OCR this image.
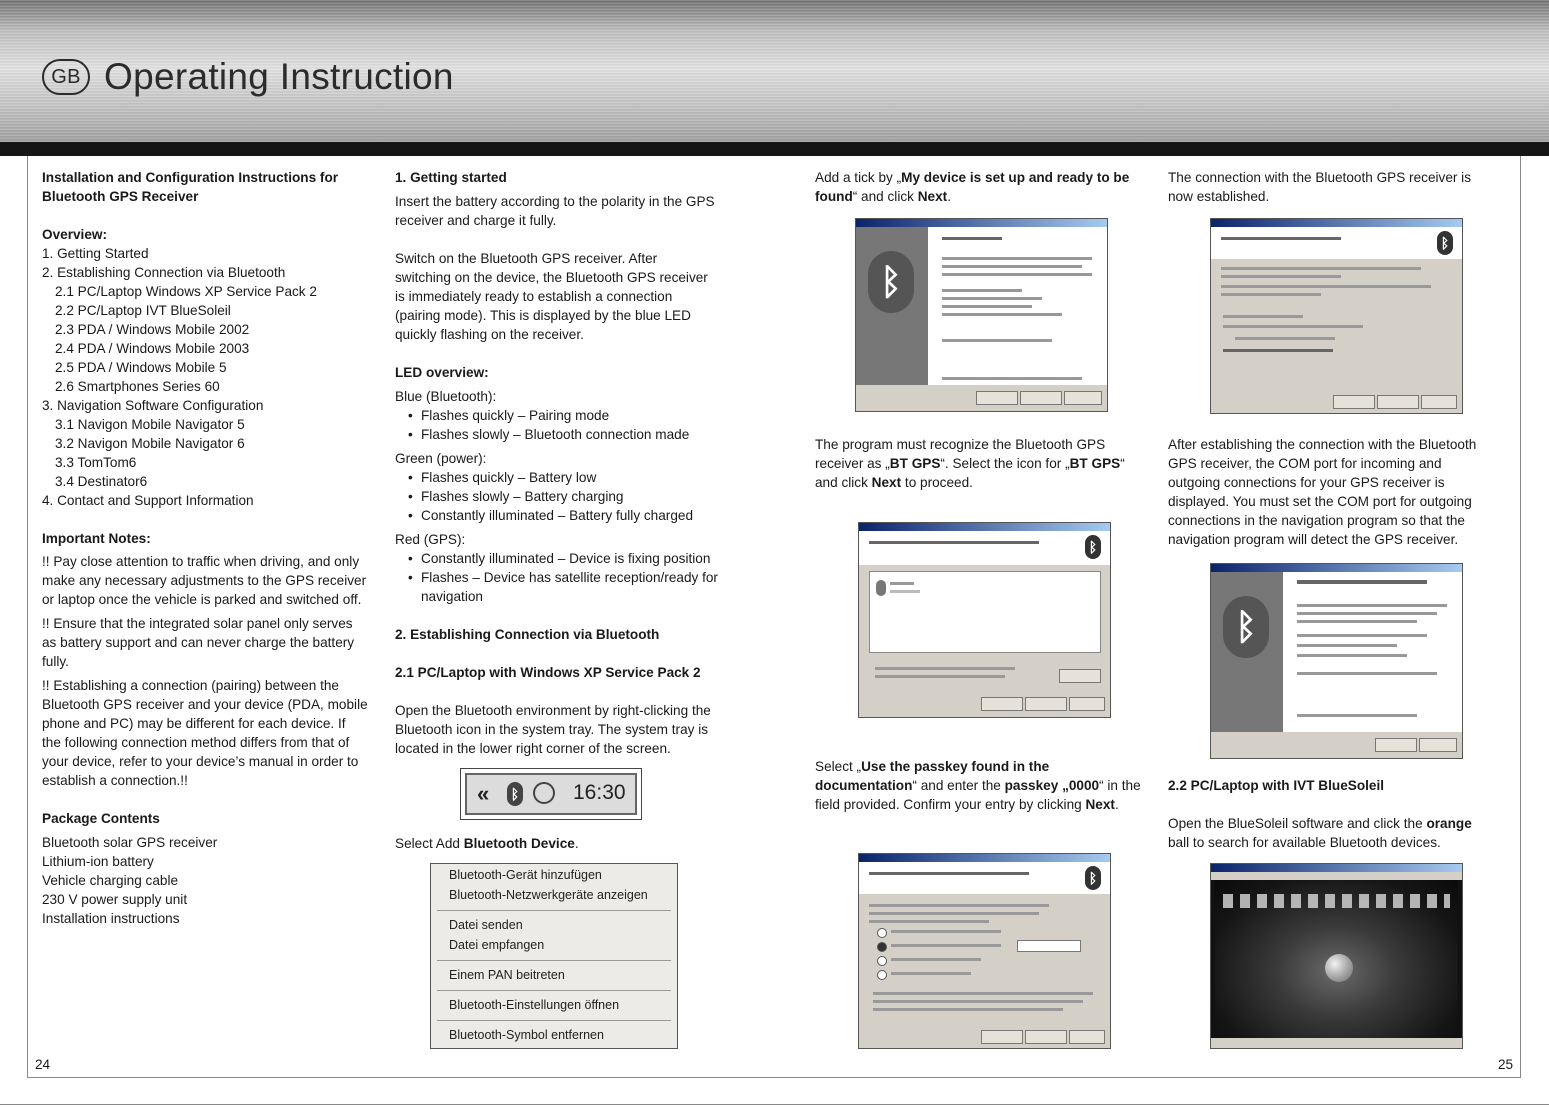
GB Operating Instruction

Installation and Configuration Instructions for

Bluetooth GPS Receiver

Overview:

1. Getting Started

2. Establishing Connection via Bluetooth

2.1 PC/Laptop Windows XP Service Pack 2

2.2 PC/Laptop IVT BlueSoleil

2.3 PDA / Windows Mobile 2002

2.4 PDA / Windows Mobile 2003

2.5 PDA / Windows Mobile 5

2.6 Smartphones Series 60

3. Navigation Software Configuration

3.1 Navigon Mobile Navigator 5

3.2 Navigon Mobile Navigator 6

3.3 TomTom6

3.4 Destinator6

4. Contact and Support Information

Important Notes:

!! Pay close attention to traffic when driving, and only

make any necessary adjustments to the GPS receiver

or laptop once the vehicle is parked and switched off.

!! Ensure that the integrated solar panel only serves

as battery support and can never charge the battery

fully.

!! Establishing a connection (pairing) between the

Bluetooth GPS receiver and your device (PDA, mobile

phone and PC) may be different for each device. If

the following connection method differs from that of

your device, refer to your device’s manual in order to

establish a connection.!!

Package Contents

Bluetooth solar GPS receiver

Lithium-ion battery

Vehicle charging cable

230 V power supply unit

Installation instructions

1. Getting started

Insert the battery according to the polarity in the GPS

receiver and charge it fully.

Switch on the Bluetooth GPS receiver. After

switching on the device, the Bluetooth GPS receiver

is immediately ready to establish a connection

(pairing mode). This is displayed by the blue LED

quickly flashing on the receiver.

LED overview:

Blue (Bluetooth):

• Flashes quickly – Pairing mode

• Flashes slowly – Bluetooth connection made

Green (power):

• Flashes quickly – Battery low

• Flashes slowly – Battery charging

• Constantly illuminated – Battery fully charged

Red (GPS):

• Constantly illuminated – Device is fixing position

• Flashes – Device has satellite reception/ready for

navigation

2. Establishing Connection via Bluetooth

2.1 PC/Laptop with Windows XP Service Pack 2

Open the Bluetooth environment by right-clicking the

Bluetooth icon in the system tray. The system tray is

located in the lower right corner of the screen.

« ᛒ	16:30

Select Add Bluetooth Device.

Bluetooth-Gerät hinzufügen
Bluetooth-Netzwerkgeräte anzeigen
Datei senden
Datei empfangen
Einem PAN beitreten
Bluetooth-Einstellungen öffnen
Bluetooth-Symbol entfernen

Add a tick by „My device is set up and ready to be

found“ and click Next.

ᛒ

The program must recognize the Bluetooth GPS

receiver as „BT GPS“. Select the icon for „BT GPS“

and click Next to proceed.

ᛒ

Select „Use the passkey found in the

documentation“ and enter the passkey „0000“ in the

field provided. Confirm your entry by clicking Next.

ᛒ

The connection with the Bluetooth GPS receiver is

now established.

ᛒ

After establishing the connection with the Bluetooth

GPS receiver, the COM port for incoming and

outgoing connections for your GPS receiver is

displayed. You must set the COM port for outgoing

connections in the navigation program so that the

navigation program will detect the GPS receiver.

ᛒ

2.2 PC/Laptop with IVT BlueSoleil

Open the BlueSoleil software and click the orange

ball to search for available Bluetooth devices.

24	25
